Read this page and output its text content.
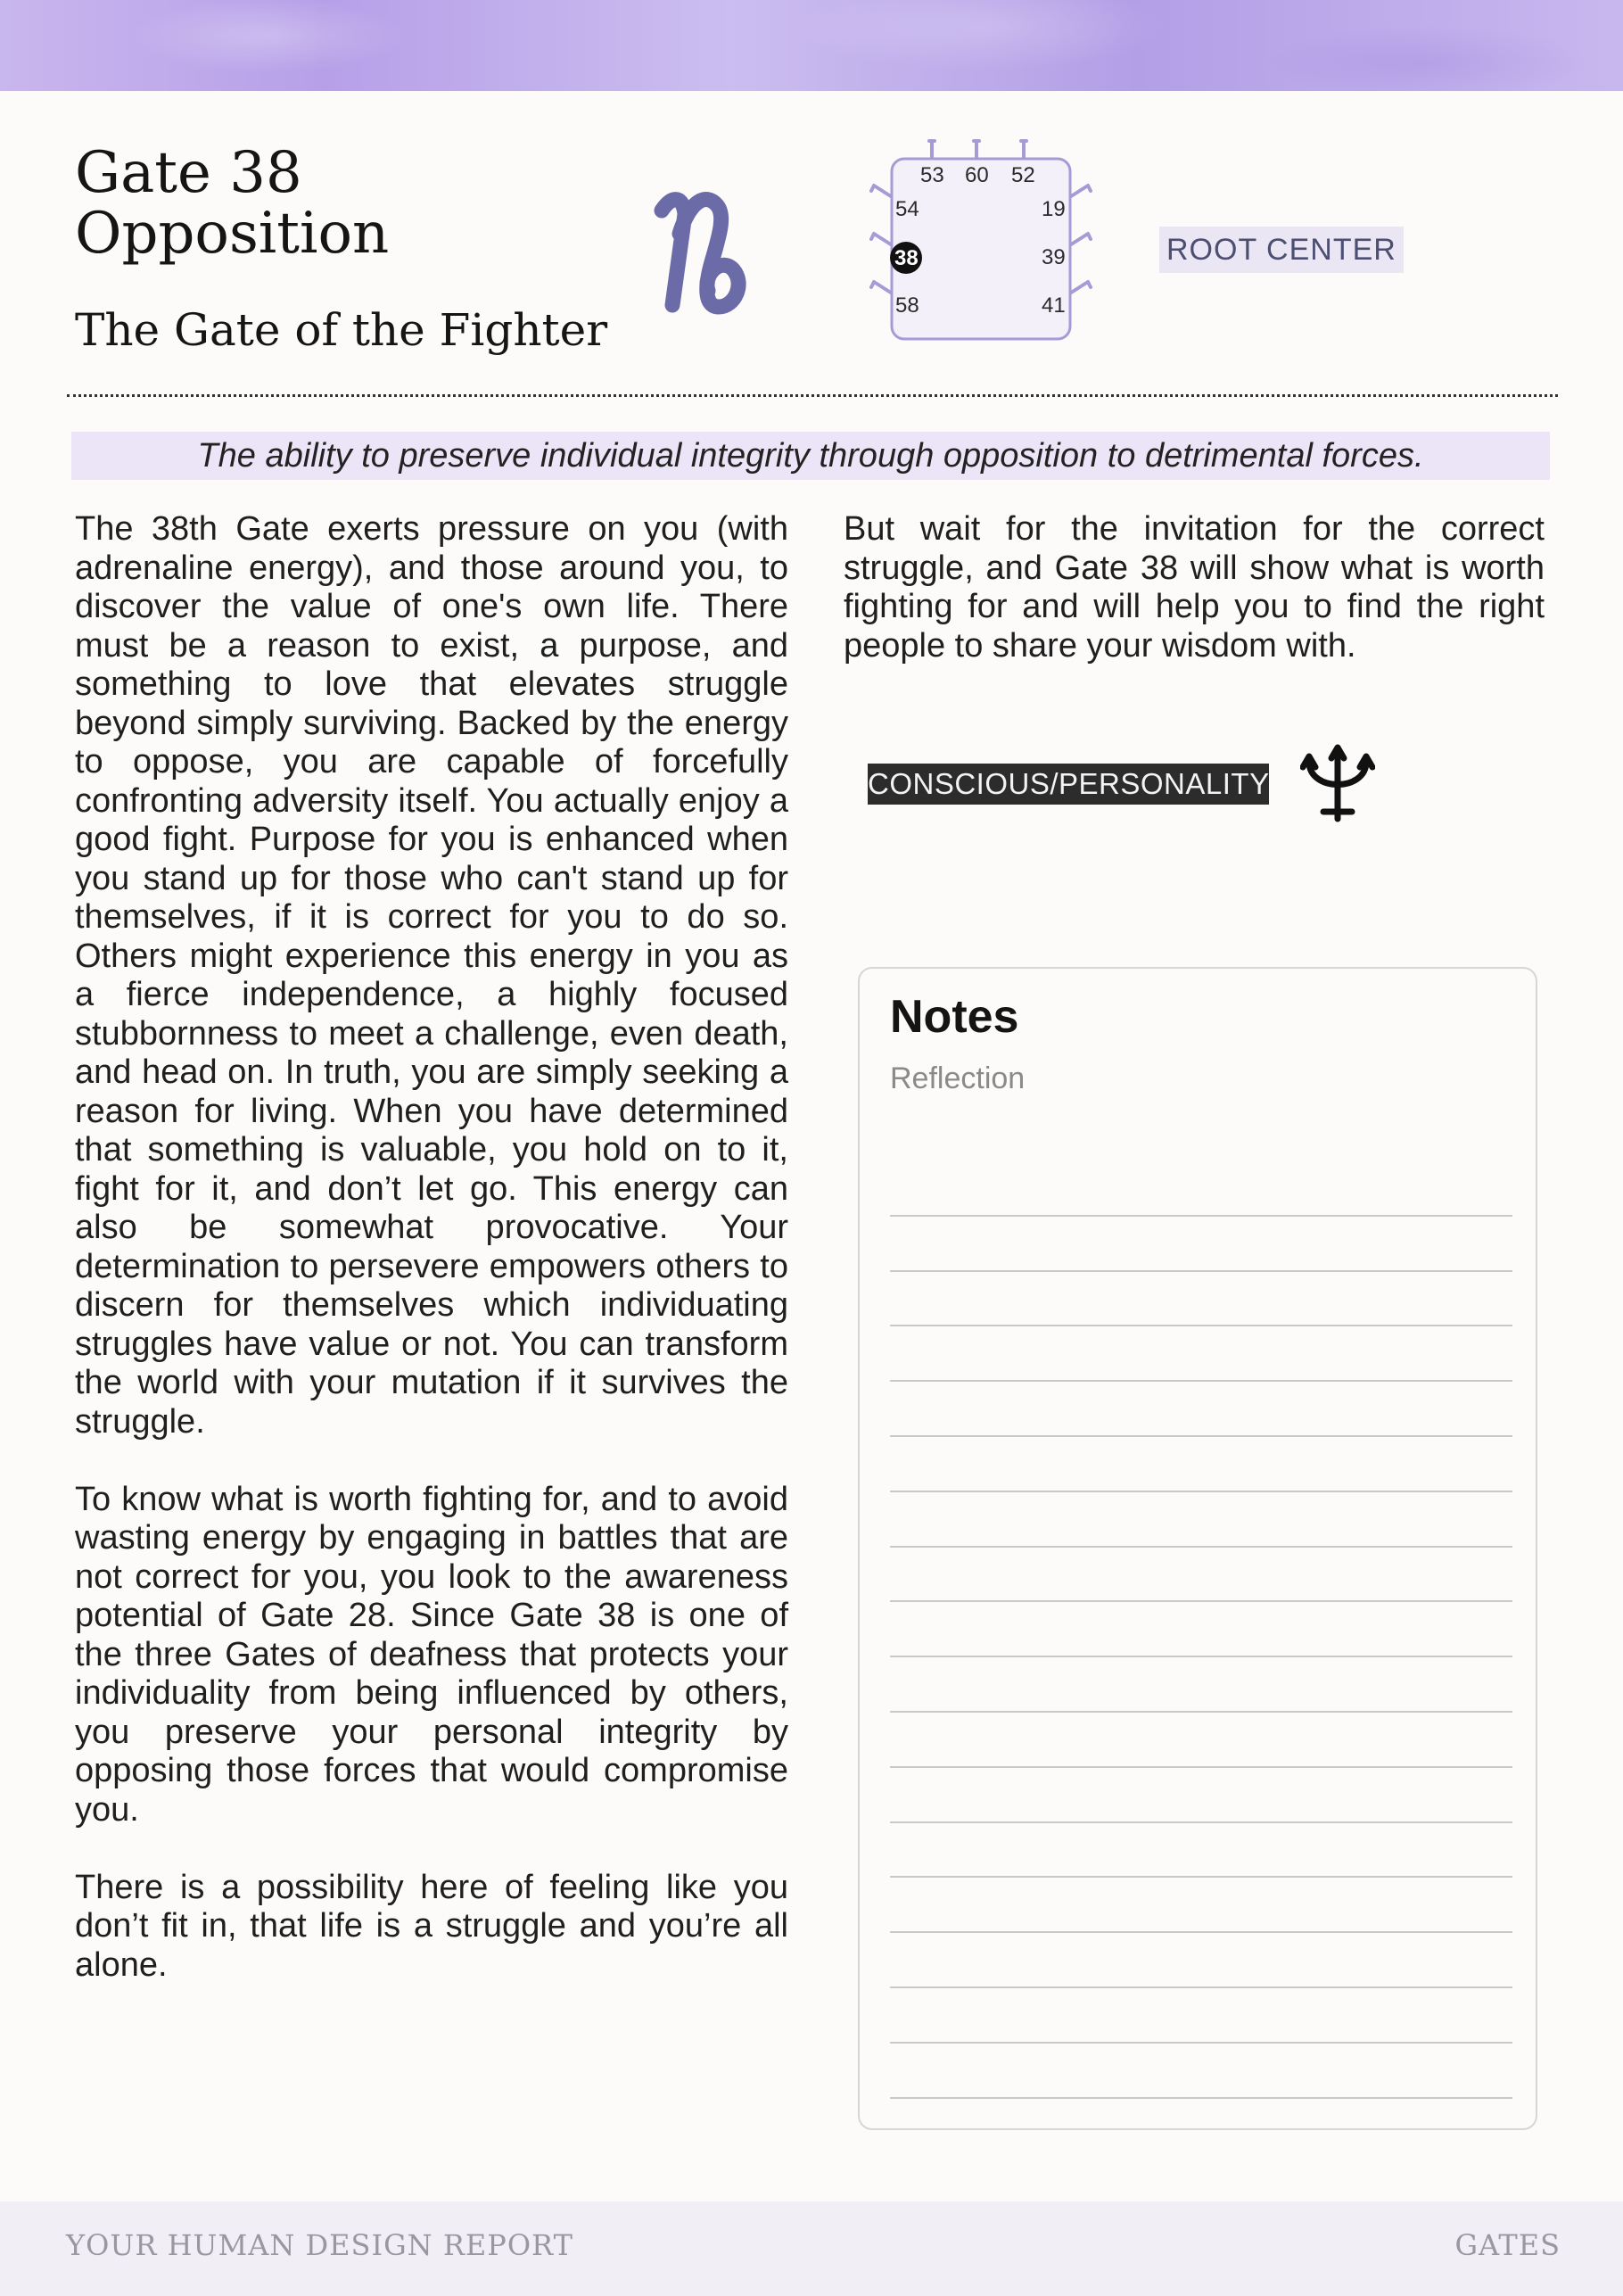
Gate 38
Opposition
The Gate of the Fighter
53 60 52
54
38
58
19
39
41
ROOT CENTER
The ability to preserve individual integrity through opposition to detrimental forces.

The 38th Gate exerts pressure on you (with adrenaline energy), and those around you, to discover the value of one's own life. There must be a reason to exist, a purpose, and something to love that elevates struggle beyond simply surviving. Backed by the energy to oppose, you are capable of forcefully confronting adversity itself. You actually enjoy a good fight. Purpose for you is enhanced when you stand up for those who can't stand up for themselves, if it is correct for you to do so. Others might experience this energy in you as a fierce independence, a highly focused stubbornness to meet a challenge, even death, and head on. In truth, you are simply seeking a reason for living. When you have determined that something is valuable, you hold on to it, fight for it, and don’t let go. This energy can also be somewhat provocative. Your determination to persevere empowers others to discern for themselves which individuating struggles have value or not. You can transform the world with your mutation if it survives the struggle.

To know what is worth fighting for, and to avoid wasting energy by engaging in battles that are not correct for you, you look to the awareness potential of Gate 28. Since Gate 38 is one of the three Gates of deafness that protects your individuality from being influenced by others, you preserve your personal integrity by opposing those forces that would compromise you.

There is a possibility here of feeling like you don’t fit in, that life is a struggle and you’re all alone.

But wait for the invitation for the correct struggle, and Gate 38 will show what is worth fighting for and will help you to find the right people to share your wisdom with.

CONSCIOUS/PERSONALITY
Notes
Reflection
YOUR HUMAN DESIGN REPORT	GATES
